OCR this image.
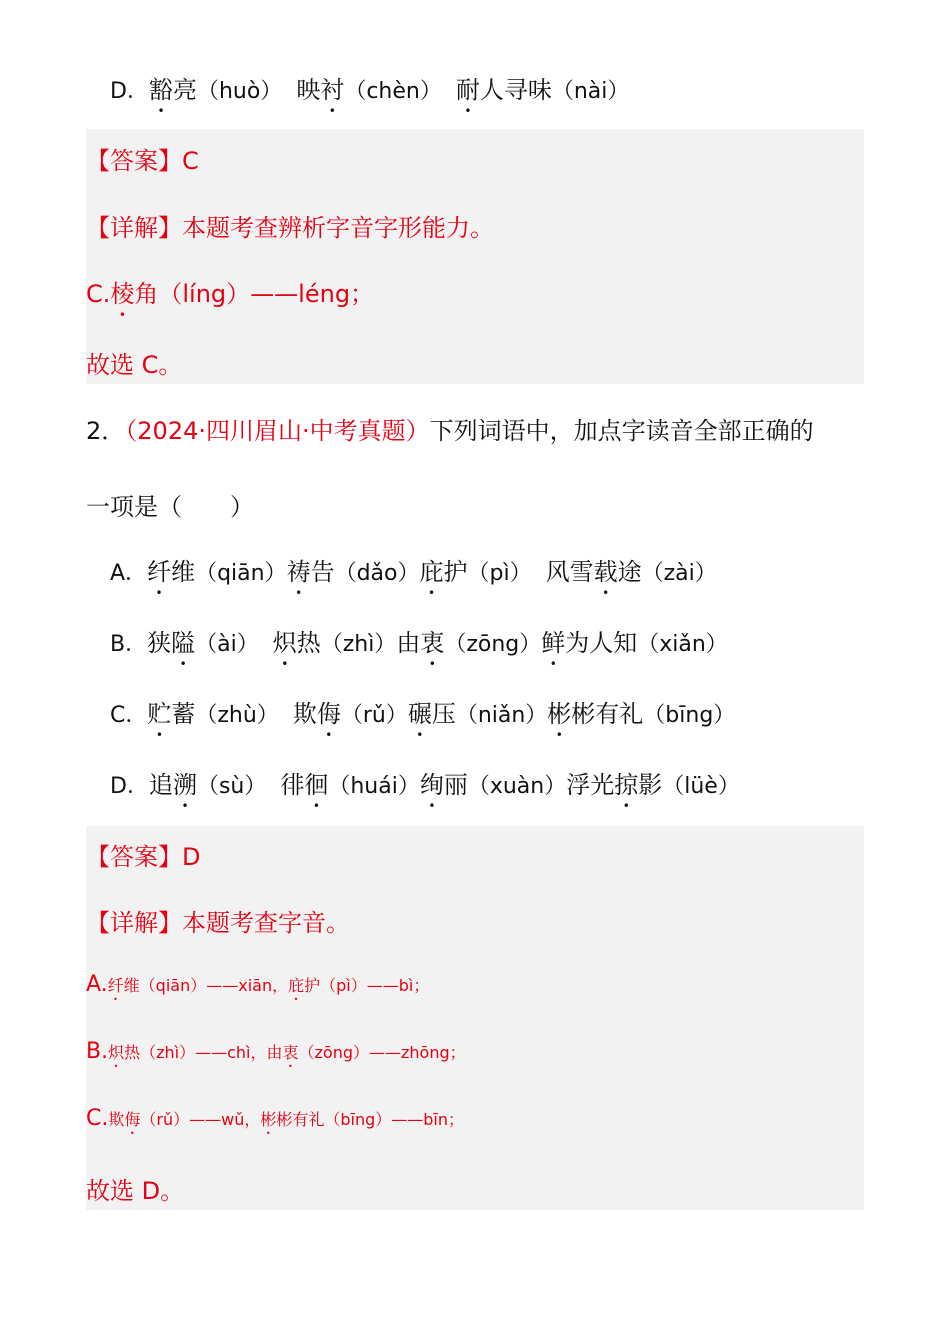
D．豁亮（huò） 映衬（chèn） 耐人寻味（nài）
【答案】C
【详解】本题考查辨析字音字形能力。
C.棱角（líng）——léng；
故选 C。
2．（2024·四川眉山·中考真题）下列词语中，加点字读音全部正确的
一项是（　　）
A．纤维（qiān）祷告（dǎo）庇护（pì） 风雪载途（zài）
B．狭隘（ài） 炽热（zhì）由衷（zōng）鲜为人知（xiǎn）
C．贮蓄（zhù） 欺侮（rǔ）碾压（niǎn）彬彬有礼（bīng）
D．追溯（sù） 徘徊（huái）绚丽（xuàn）浮光掠影（lüè）
【答案】D
【详解】本题考查字音。
A.纤维（qiān）——xiān，庇护（pì）——bì；
B.炽热（zhì）——chì，由衷（zōng）——zhōng；
C.欺侮（rǔ）——wǔ，彬彬有礼（bīng）——bīn；
故选 D。
